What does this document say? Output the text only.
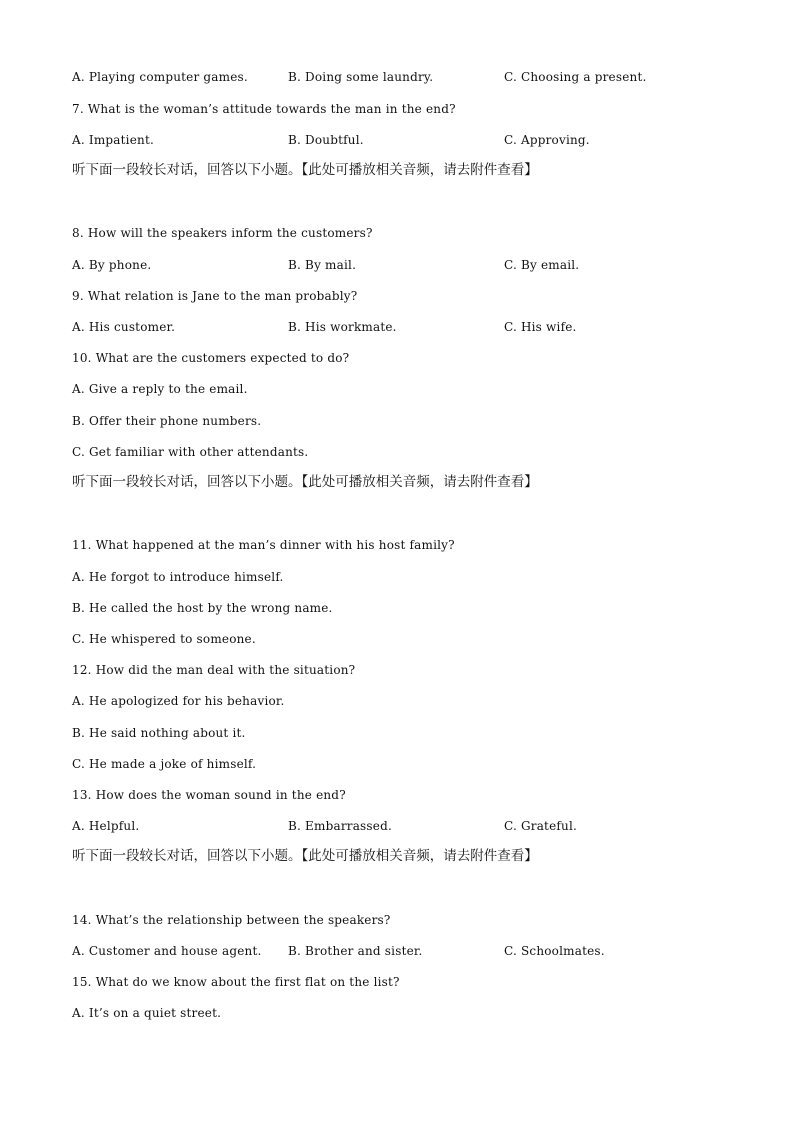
A. Playing computer games.	B. Doing some laundry.	C. Choosing a present.
7. What is the woman’s attitude towards the man in the end?
A. Impatient.	B. Doubtful.	C. Approving.
听下面一段较长对话，回答以下小题。【此处可播放相关音频，请去附件查看】
8. How will the speakers inform the customers?
A. By phone.	B. By mail.	C. By email.
9. What relation is Jane to the man probably?
A. His customer.	B. His workmate.	C. His wife.
10. What are the customers expected to do?
A. Give a reply to the email.
B. Offer their phone numbers.
C. Get familiar with other attendants.
听下面一段较长对话，回答以下小题。【此处可播放相关音频，请去附件查看】
11. What happened at the man’s dinner with his host family?
A. He forgot to introduce himself.
B. He called the host by the wrong name.
C. He whispered to someone.
12. How did the man deal with the situation?
A. He apologized for his behavior.
B. He said nothing about it.
C. He made a joke of himself.
13. How does the woman sound in the end?
A. Helpful.	B. Embarrassed.	C. Grateful.
听下面一段较长对话，回答以下小题。【此处可播放相关音频，请去附件查看】
14. What’s the relationship between the speakers?
A. Customer and house agent. B. Brother and sister.	C. Schoolmates.
15. What do we know about the first flat on the list?
A. It’s on a quiet street.
